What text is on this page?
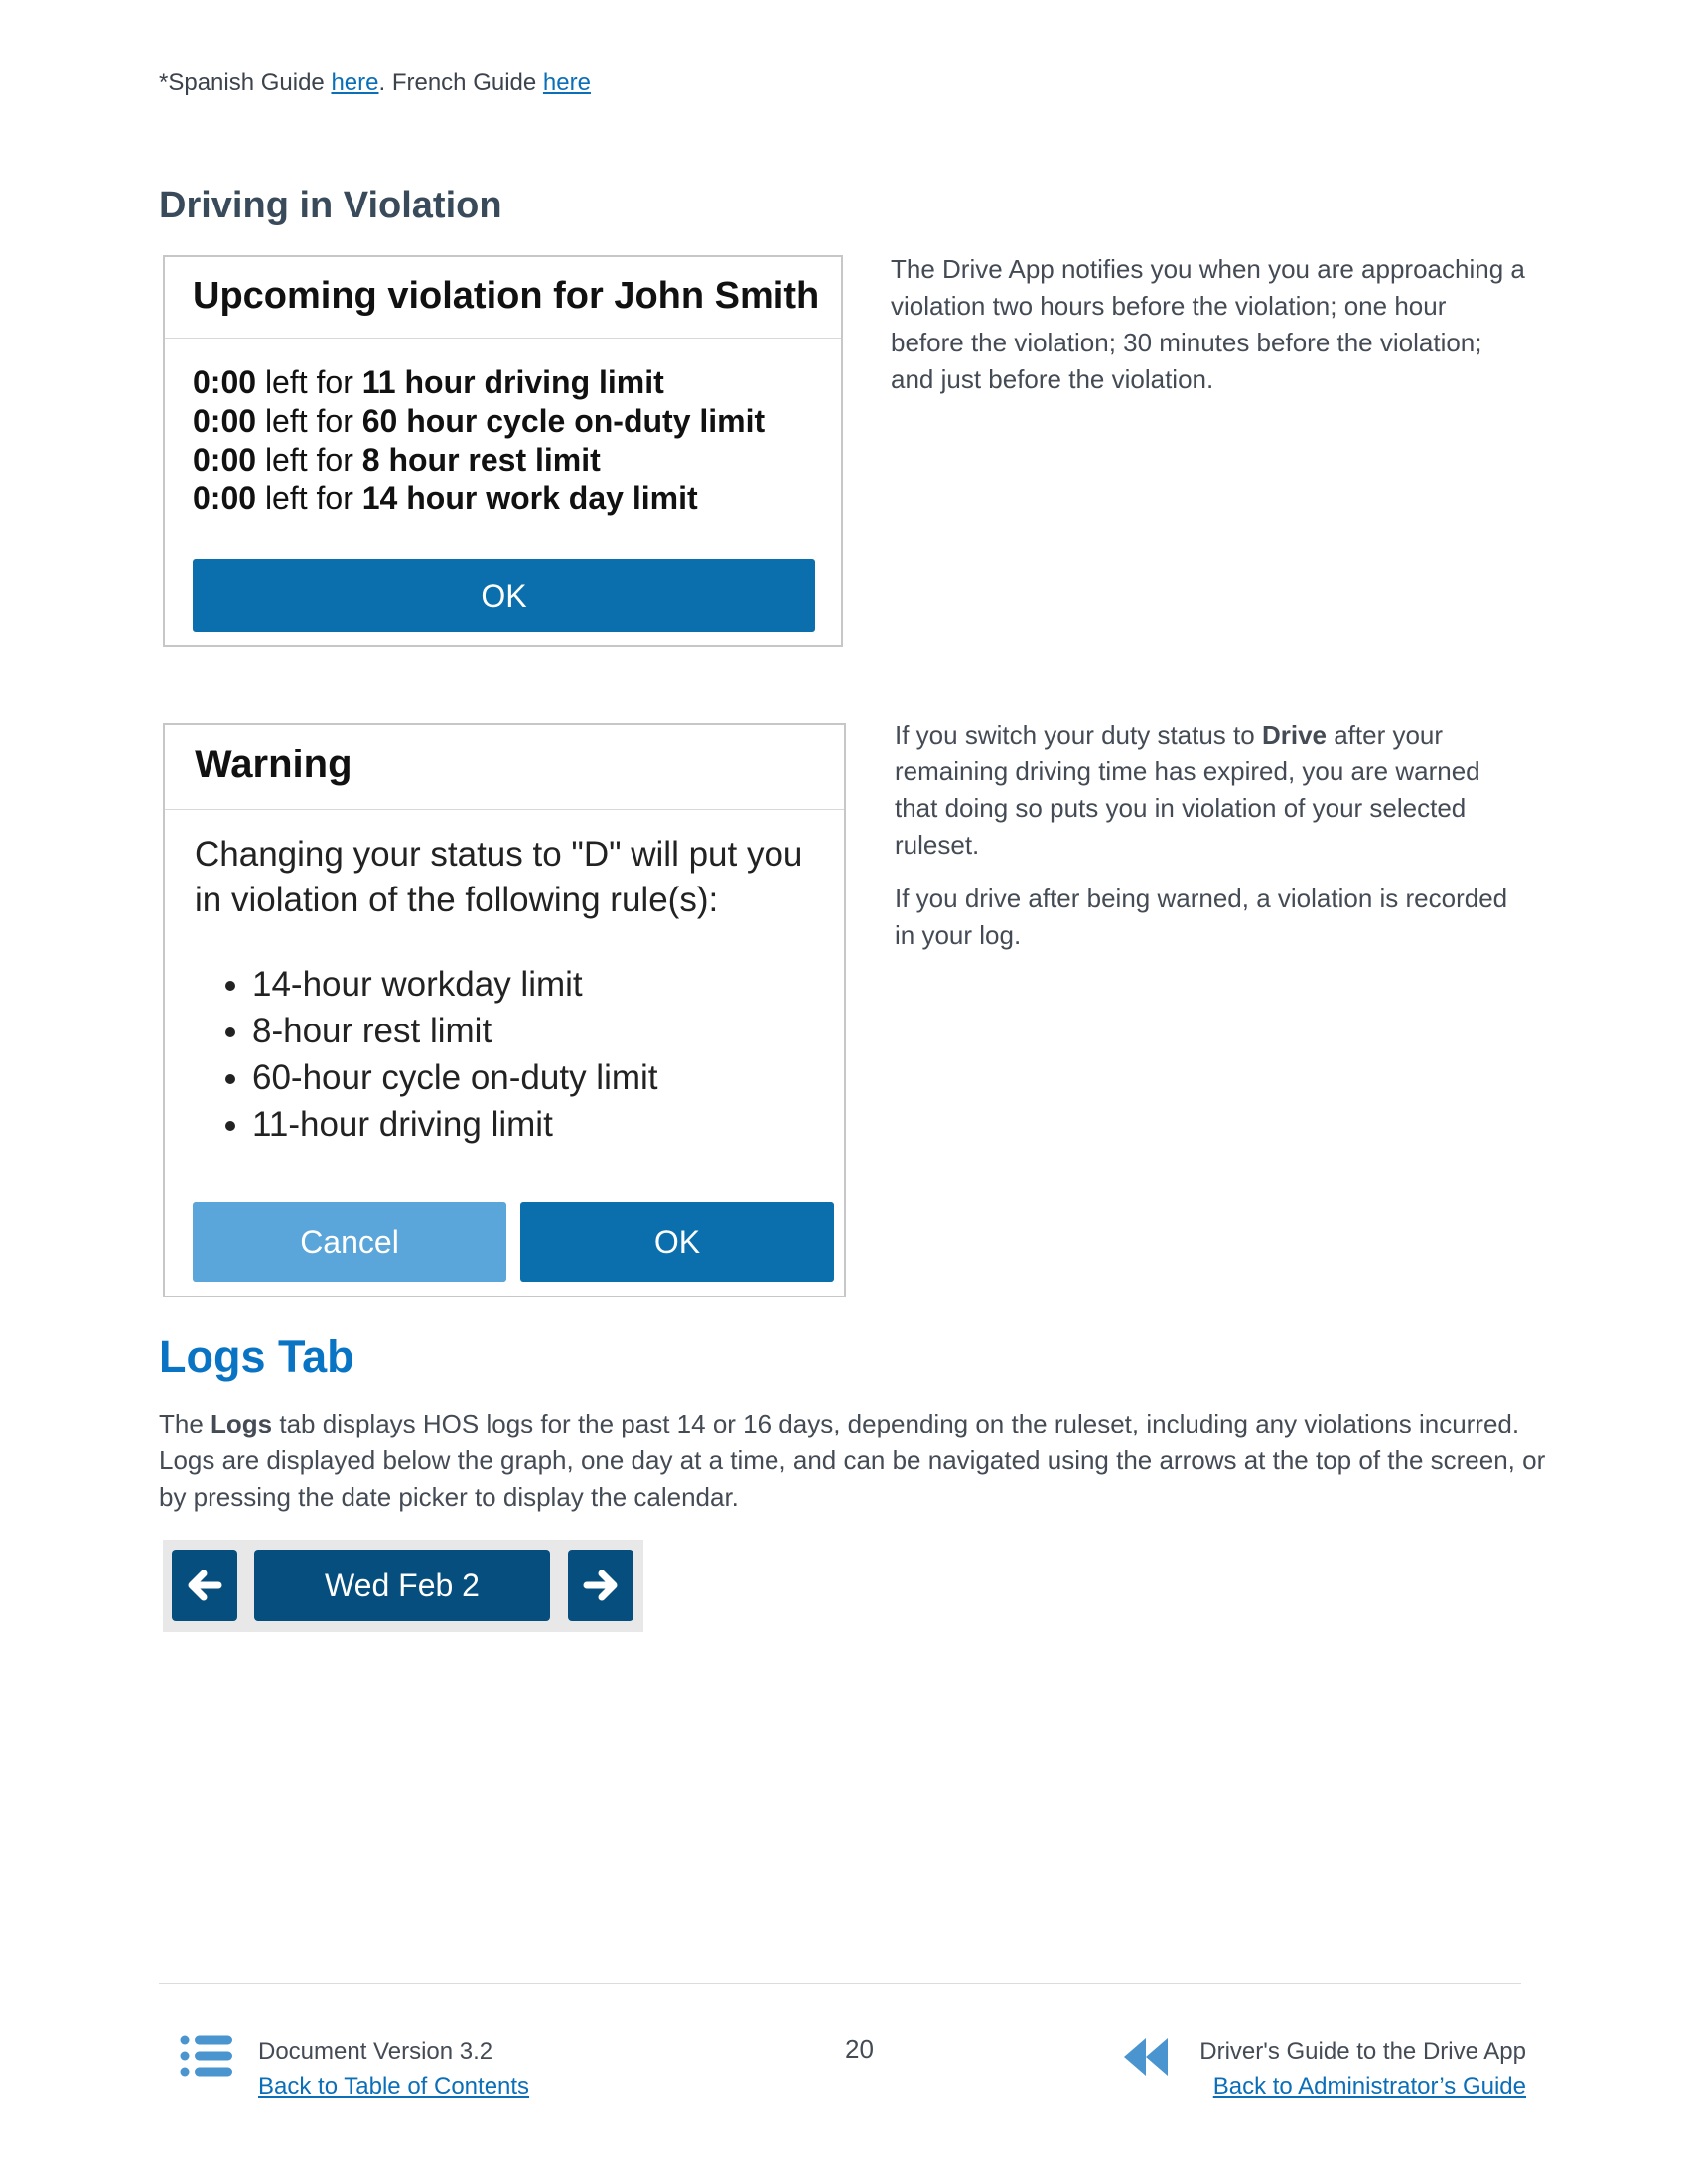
*Spanish Guide here. French Guide here
Driving in Violation
Upcoming violation for John Smith
0:00 left for 11 hour driving limit
0:00 left for 60 hour cycle on-duty limit
0:00 left for 8 hour rest limit
0:00 left for 14 hour work day limit
OK
The Drive App notifies you when you are approaching a violation two hours before the violation; one hour before the violation; 30 minutes before the violation; and just before the violation.
Warning
Changing your status to "D" will put you in violation of the following rule(s):
• 14-hour workday limit
• 8-hour rest limit
• 60-hour cycle on-duty limit
• 11-hour driving limit
Cancel	OK

If you switch your duty status to Drive after your remaining driving time has expired, you are warned that doing so puts you in violation of your selected ruleset.

If you drive after being warned, a violation is recorded in your log.

Logs Tab
The Logs tab displays HOS logs for the past 14 or 16 days, depending on the ruleset, including any violations incurred. Logs are displayed below the graph, one day at a time, and can be navigated using the arrows at the top of the screen, or by pressing the date picker to display the calendar.
Wed Feb 2
Document Version 3.2
Back to Table of Contents
20	Driver's Guide to the Drive App
Back to Administrator’s Guide
